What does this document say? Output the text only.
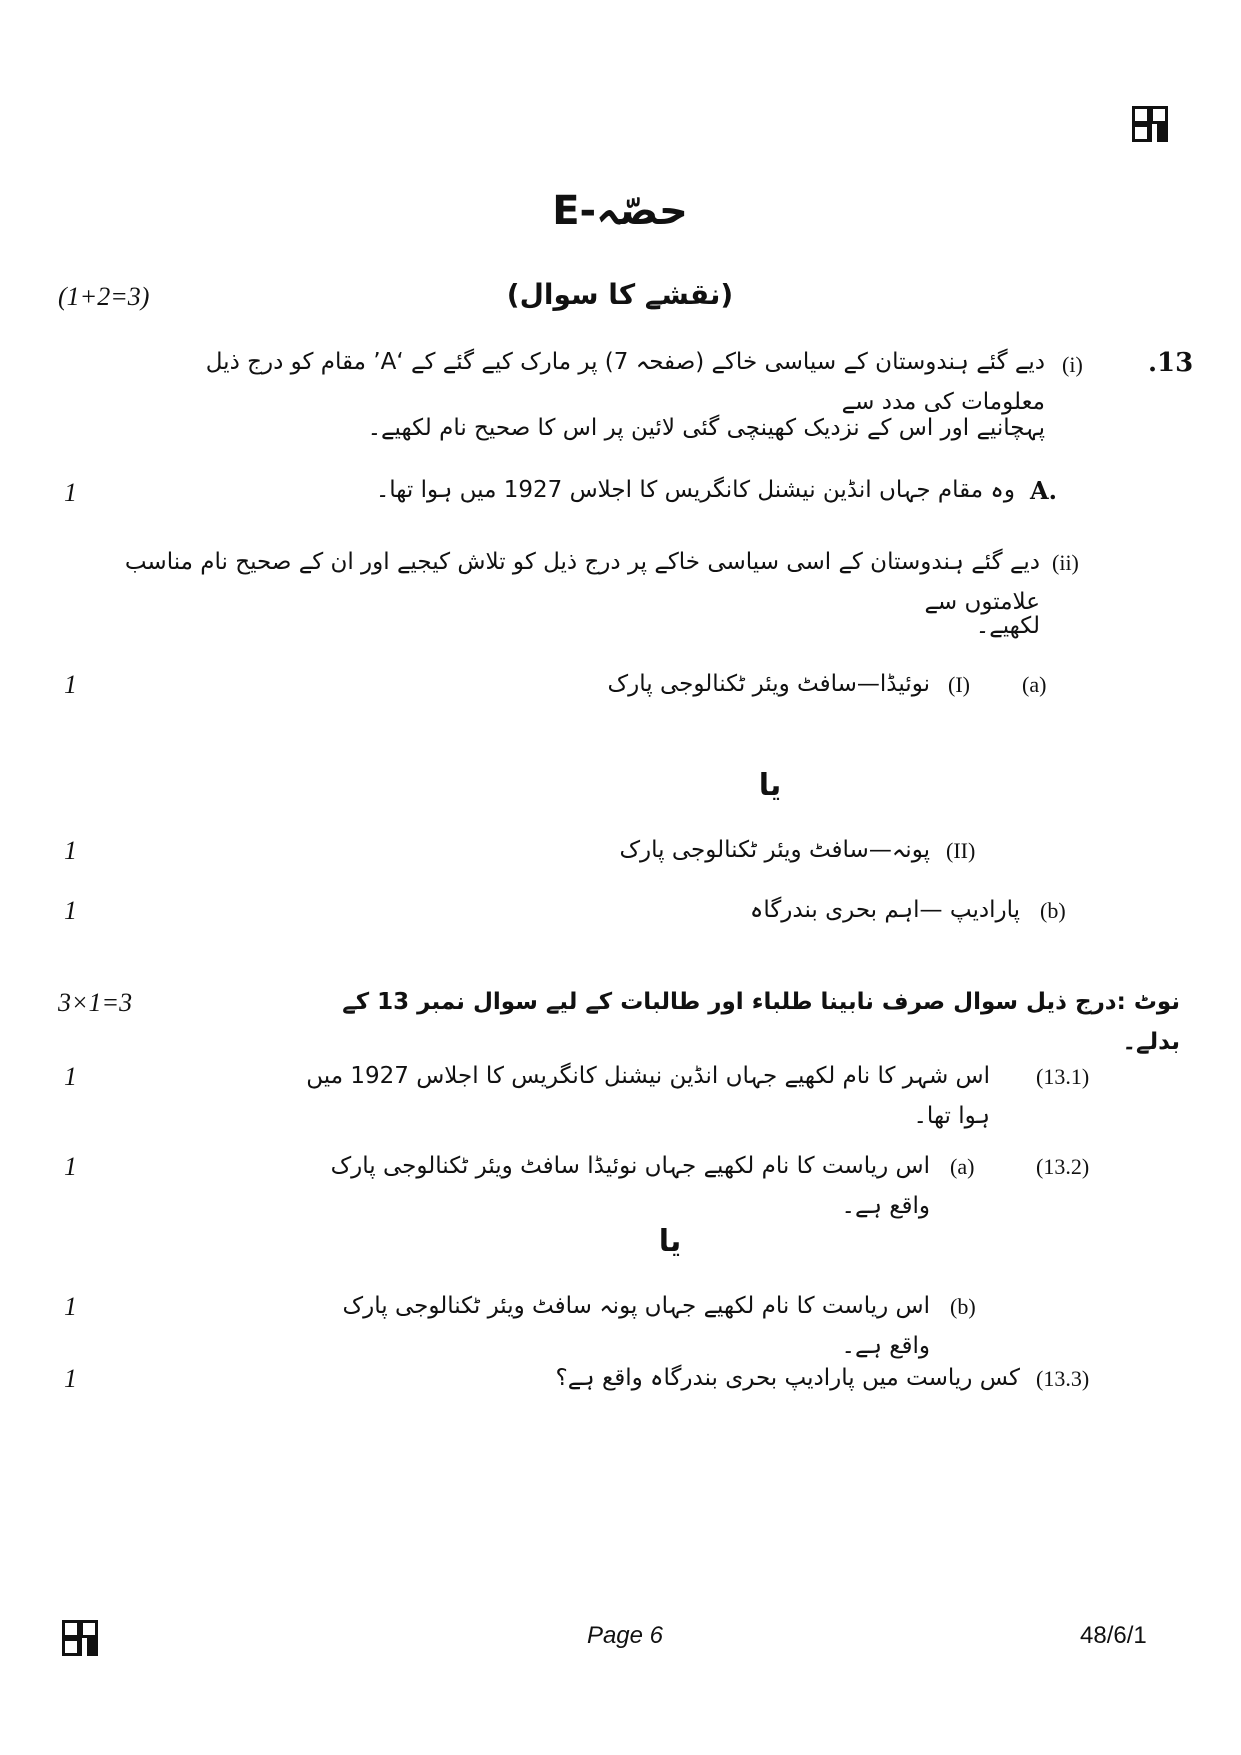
حصّہ-E
(1+2=3)	(نقشے کا سوال)
.13
(i)
دیے گئے ہندوستان کے سیاسی خاکے (صفحہ 7) پر مارک کیے گئے کے ‘A’ مقام کو درج ذیل معلومات کی مدد سے
پہچانیے اور اس کے نزدیک کھینچی گئی لائین پر اس کا صحیح نام لکھیے۔
1	A.
وہ مقام جہاں انڈین نیشنل کانگریس کا اجلاس 1927 میں ہوا تھا۔
(ii)
دیے گئے ہندوستان کے اسی سیاسی خاکے پر درج ذیل کو تلاش کیجیے اور ان کے صحیح نام مناسب علامتوں سے
لکھیے۔
1	(a)
(I)
نوئیڈا—سافٹ ویئر ٹکنالوجی پارک
یا
1	(II)
پونہ—سافٹ ویئر ٹکنالوجی پارک
1	(b)
پارادیپ —اہم بحری بندرگاہ
3×1=3	نوٹ :درج ذیل سوال صرف نابینا طلباء اور طالبات کے لیے سوال نمبر 13 کے بدلے۔
1	(13.1)
اس شہر کا نام لکھیے جہاں انڈین نیشنل کانگریس کا اجلاس 1927 میں ہوا تھا۔
1	(13.2)
(a)
اس ریاست کا نام لکھیے جہاں نوئیڈا سافٹ ویئر ٹکنالوجی پارک واقع ہے۔
یا
1	(b)
اس ریاست کا نام لکھیے جہاں پونہ سافٹ ویئر ٹکنالوجی پارک واقع ہے۔
1	(13.3)
کس ریاست میں پارادیپ بحری بندرگاہ واقع ہے؟
Page 6	48/6/1
